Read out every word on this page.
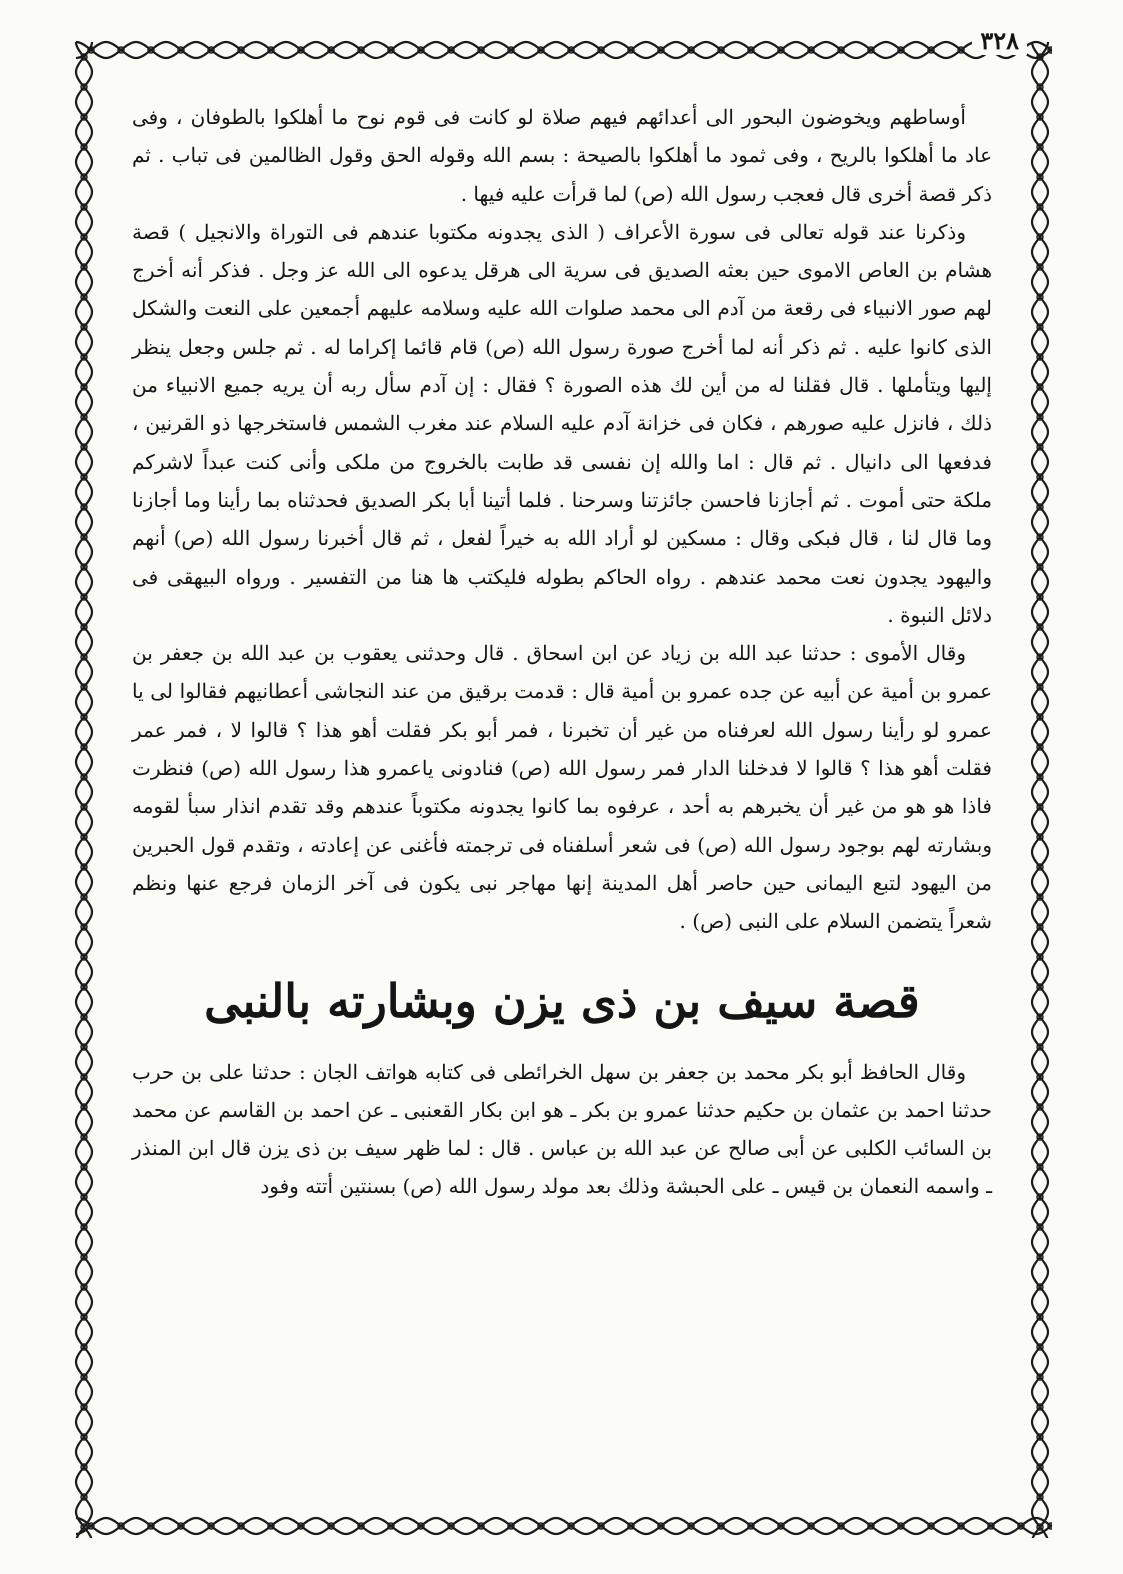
٣٢٨

أوساطهم ويخوضون البحور الى أعدائهم فيهم صلاة لو كانت فى قوم نوح ما أهلكوا بالطوفان ، وفى عاد ما أهلكوا بالريح ، وفى ثمود ما أهلكوا بالصيحة : بسم الله وقوله الحق وقول الظالمين فى تباب . ثم ذكر قصة أخرى قال فعجب رسول الله (ص) لما قرأت عليه فيها .

وذكرنا عند قوله تعالى فى سورة الأعراف ( الذى يجدونه مكتوبا عندهم فى التوراة والانجيل ) قصة هشام بن العاص الاموى حين بعثه الصديق فى سرية الى هرقل يدعوه الى الله عز وجل . فذكر أنه أخرج لهم صور الانبياء فى رقعة من آدم الى محمد صلوات الله عليه وسلامه عليهم أجمعين على النعت والشكل الذى كانوا عليه . ثم ذكر أنه لما أخرج صورة رسول الله (ص) قام قائما إكراما له . ثم جلس وجعل ينظر إليها ويتأملها . قال فقلنا له من أين لك هذه الصورة ؟ فقال : إن آدم سأل ربه أن يريه جميع الانبياء من ذلك ، فانزل عليه صورهم ، فكان فى خزانة آدم عليه السلام عند مغرب الشمس فاستخرجها ذو القرنين ، فدفعها الى دانيال . ثم قال : اما والله إن نفسى قد طابت بالخروج من ملكى وأنى كنت عبداً لاشركم ملكة حتى أموت . ثم أجازنا فاحسن جائزتنا وسرحنا . فلما أتينا أبا بكر الصديق فحدثناه بما رأينا وما أجازنا وما قال لنا ، قال فبكى وقال : مسكين لو أراد الله به خيراً لفعل ، ثم قال أخبرنا رسول الله (ص) أنهم واليهود يجدون نعت محمد عندهم . رواه الحاكم بطوله فليكتب ها هنا من التفسير . ورواه البيهقى فى دلائل النبوة .

وقال الأموى : حدثنا عبد الله بن زياد عن ابن اسحاق . قال وحدثنى يعقوب بن عبد الله بن جعفر بن عمرو بن أمية عن أبيه عن جده عمرو بن أمية قال : قدمت برقيق من عند النجاشى أعطانيهم فقالوا لى يا عمرو لو رأينا رسول الله لعرفناه من غير أن تخبرنا ، فمر أبو بكر فقلت أهو هذا ؟ قالوا لا ، فمر عمر فقلت أهو هذا ؟ قالوا لا فدخلنا الدار فمر رسول الله (ص) فنادونى ياعمرو هذا رسول الله (ص) فنظرت فاذا هو هو من غير أن يخبرهم به أحد ، عرفوه بما كانوا يجدونه مكتوباً عندهم وقد تقدم انذار سبأ لقومه وبشارته لهم بوجود رسول الله (ص) فى شعر أسلفناه فى ترجمته فأغنى عن إعادته ، وتقدم قول الحبرين من اليهود لتبع اليمانى حين حاصر أهل المدينة إنها مهاجر نبى يكون فى آخر الزمان فرجع عنها ونظم شعراً يتضمن السلام على النبى (ص) .

قصة سيف بن ذى يزن وبشارته بالنبى

وقال الحافظ أبو بكر محمد بن جعفر بن سهل الخرائطى فى كتابه هواتف الجان : حدثنا على بن حرب حدثنا احمد بن عثمان بن حكيم حدثنا عمرو بن بكر ـ هو ابن بكار القعنبى ـ عن احمد بن القاسم عن محمد بن السائب الكلبى عن أبى صالح عن عبد الله بن عباس . قال : لما ظهر سيف بن ذى يزن قال ابن المنذر ـ واسمه النعمان بن قيس ـ على الحبشة وذلك بعد مولد رسول الله (ص) بسنتين أتته وفود
